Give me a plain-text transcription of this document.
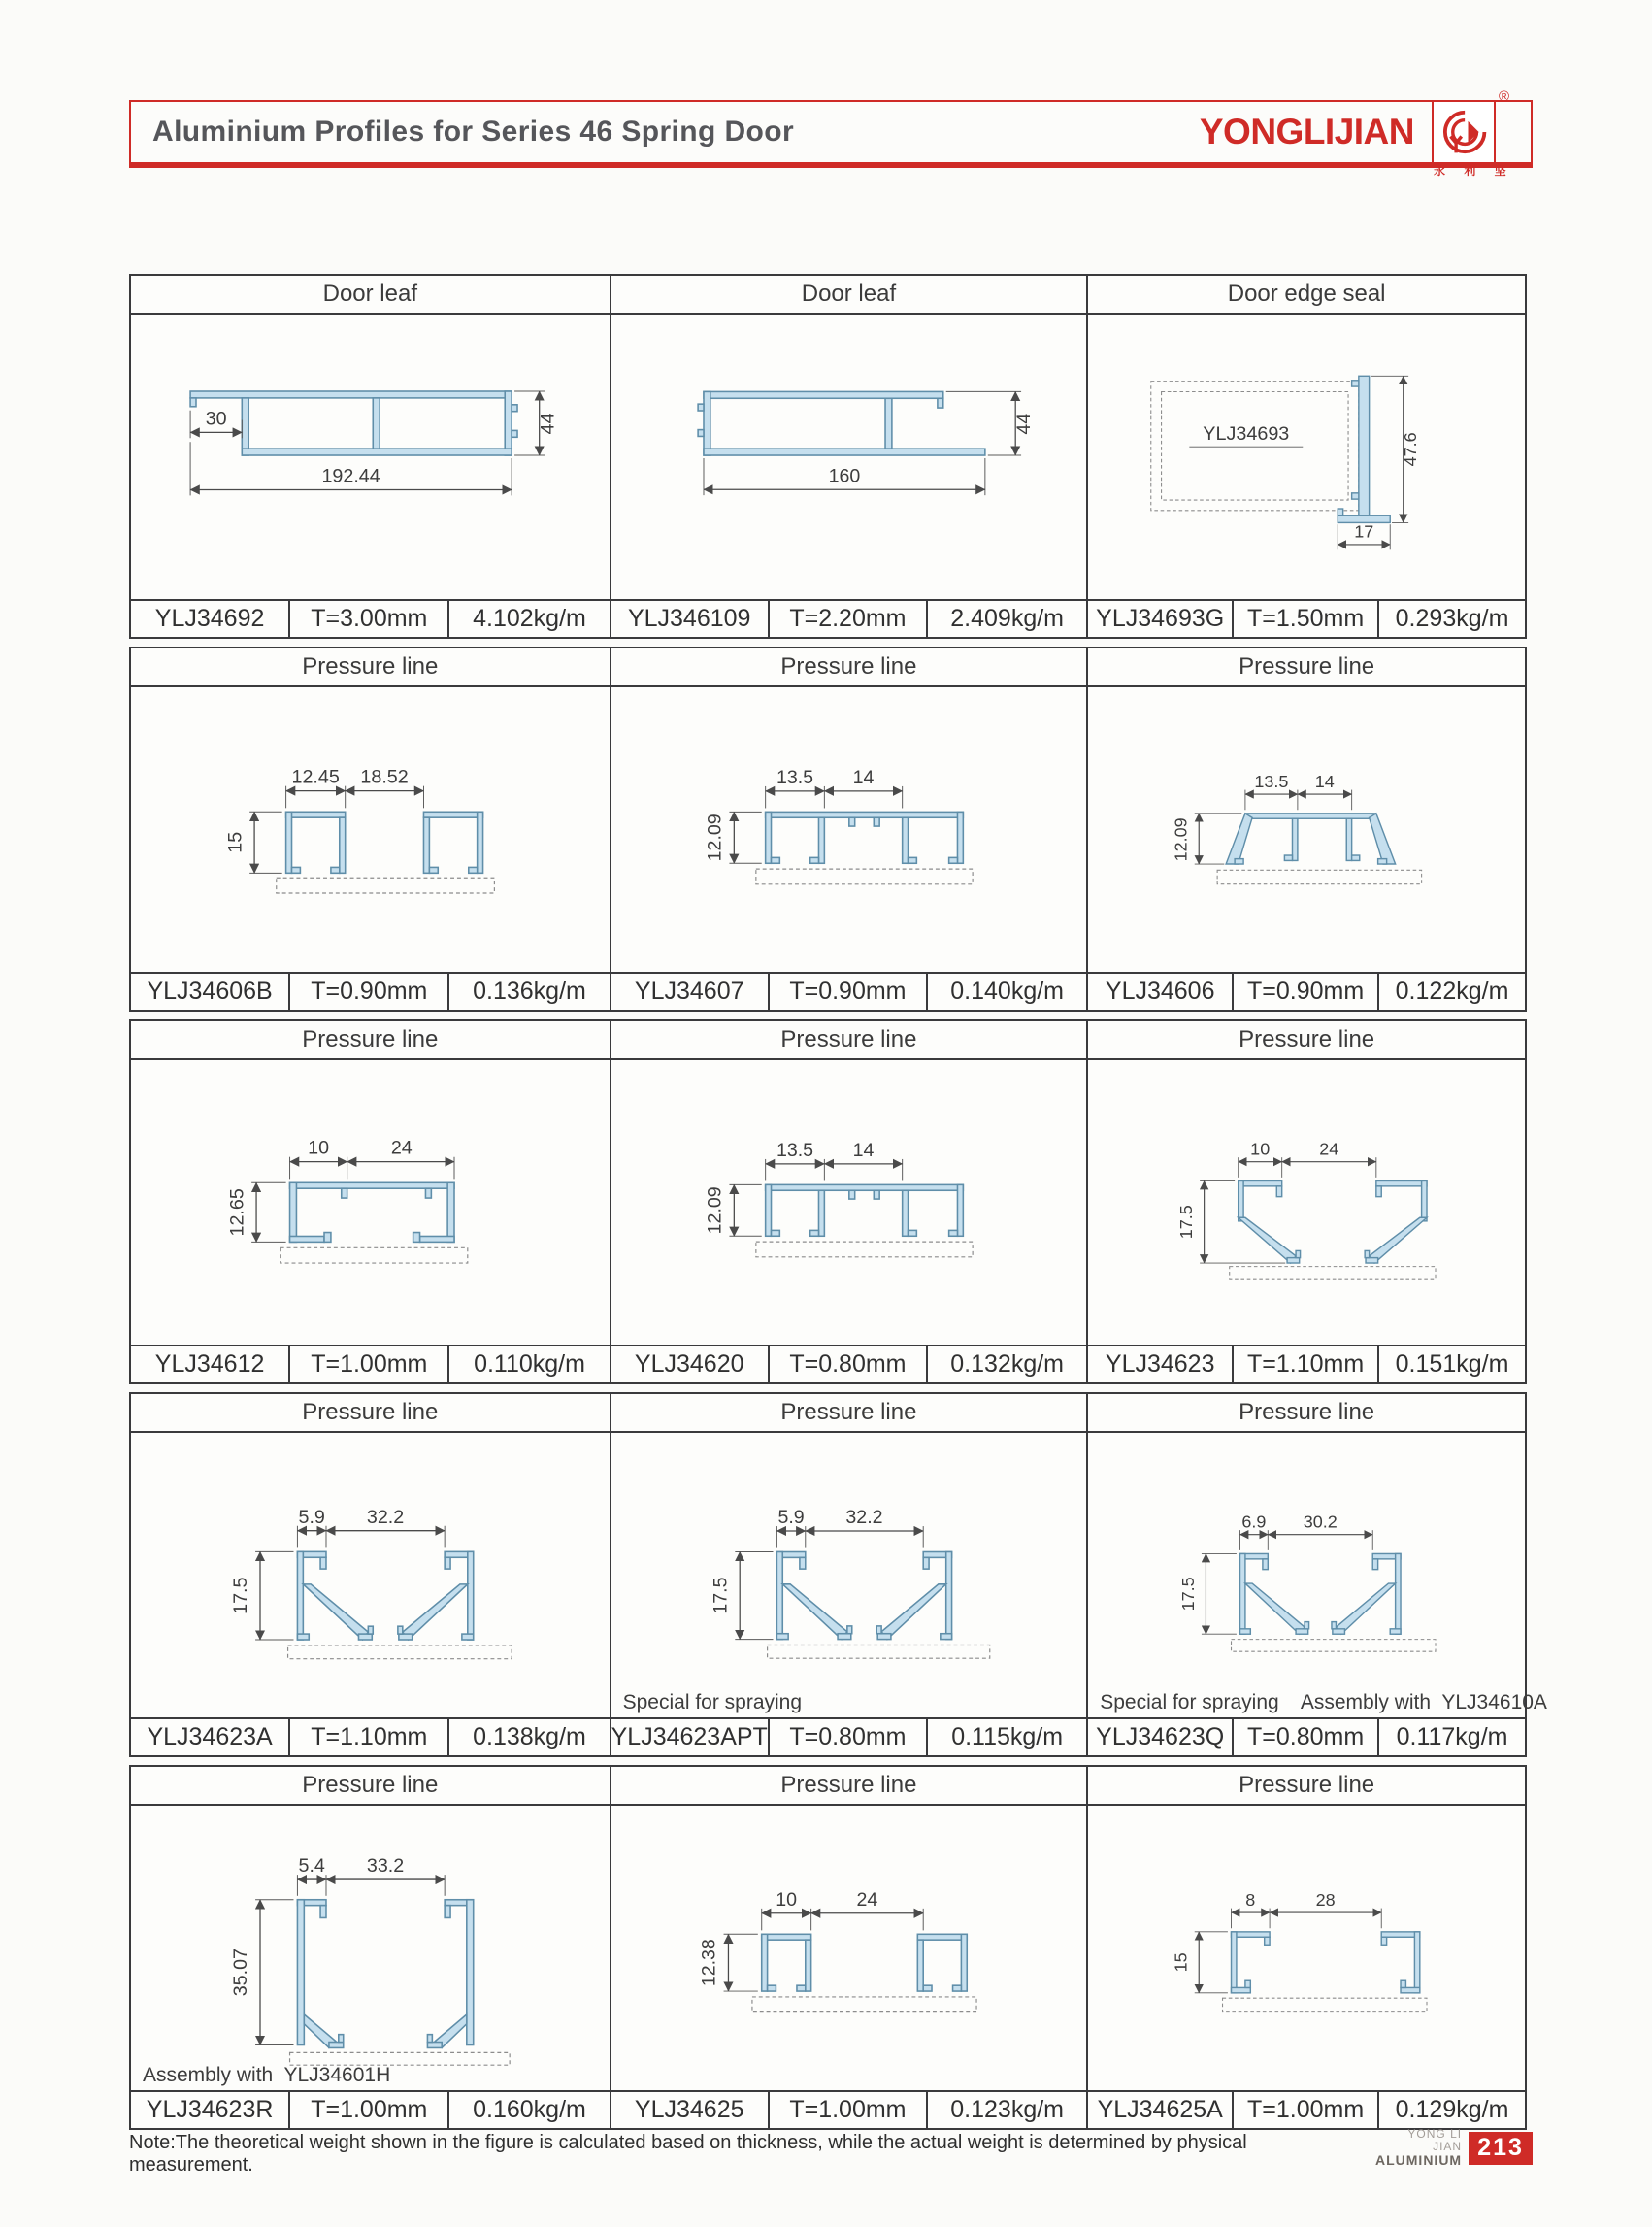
Aluminium Profiles for Series 46 Spring Door	YONGLIJIAN
®
永 利 坚
Door leaf
30
192.44
44
YLJ34692	T=3.00mm	4.102kg/m
Door leaf
160
44
YLJ346109	T=2.20mm	2.409kg/m
Door edge seal
YLJ34693	47.6
17
YLJ34693G T=1.50mm	0.293kg/m
Pressure line
12.45 18.52
15
YLJ34606B	T=0.90mm	0.136kg/m
Pressure line
13.5 14
12.09
YLJ34607	T=0.90mm	0.140kg/m
Pressure line
13.5 14
12.09
YLJ34606	T=0.90mm	0.122kg/m
Pressure line
10	24
12.65
YLJ34612	T=1.00mm	0.110kg/m
Pressure line
13.5 14
12.09
YLJ34620	T=0.80mm	0.132kg/m
Pressure line
10	24
17.5
YLJ34623	T=1.10mm	0.151kg/m
Pressure line
5.9 32.2
17.5
YLJ34623A	T=1.10mm	0.138kg/m
Pressure line
5.9 32.2
17.5
Special for spraying
YLJ34623APT T=0.80mm	0.115kg/m
Pressure line
6.9 30.2
17.5
Special for spraying    Assembly with  YLJ34610A
YLJ34623Q T=0.80mm	0.117kg/m
Pressure line
5.4 33.2
35.07
Assembly with  YLJ34601H
YLJ34623R	T=1.00mm	0.160kg/m
Pressure line
10	24
12.38
YLJ34625	T=1.00mm	0.123kg/m
Pressure line
8	28
15
YLJ34625A	T=1.00mm	0.129kg/m
Note:The theoretical weight shown in the figure is calculated based on thickness, while the actual weight is determined by physical measurement.
YONG LI JIAN
ALUMINIUM 213
